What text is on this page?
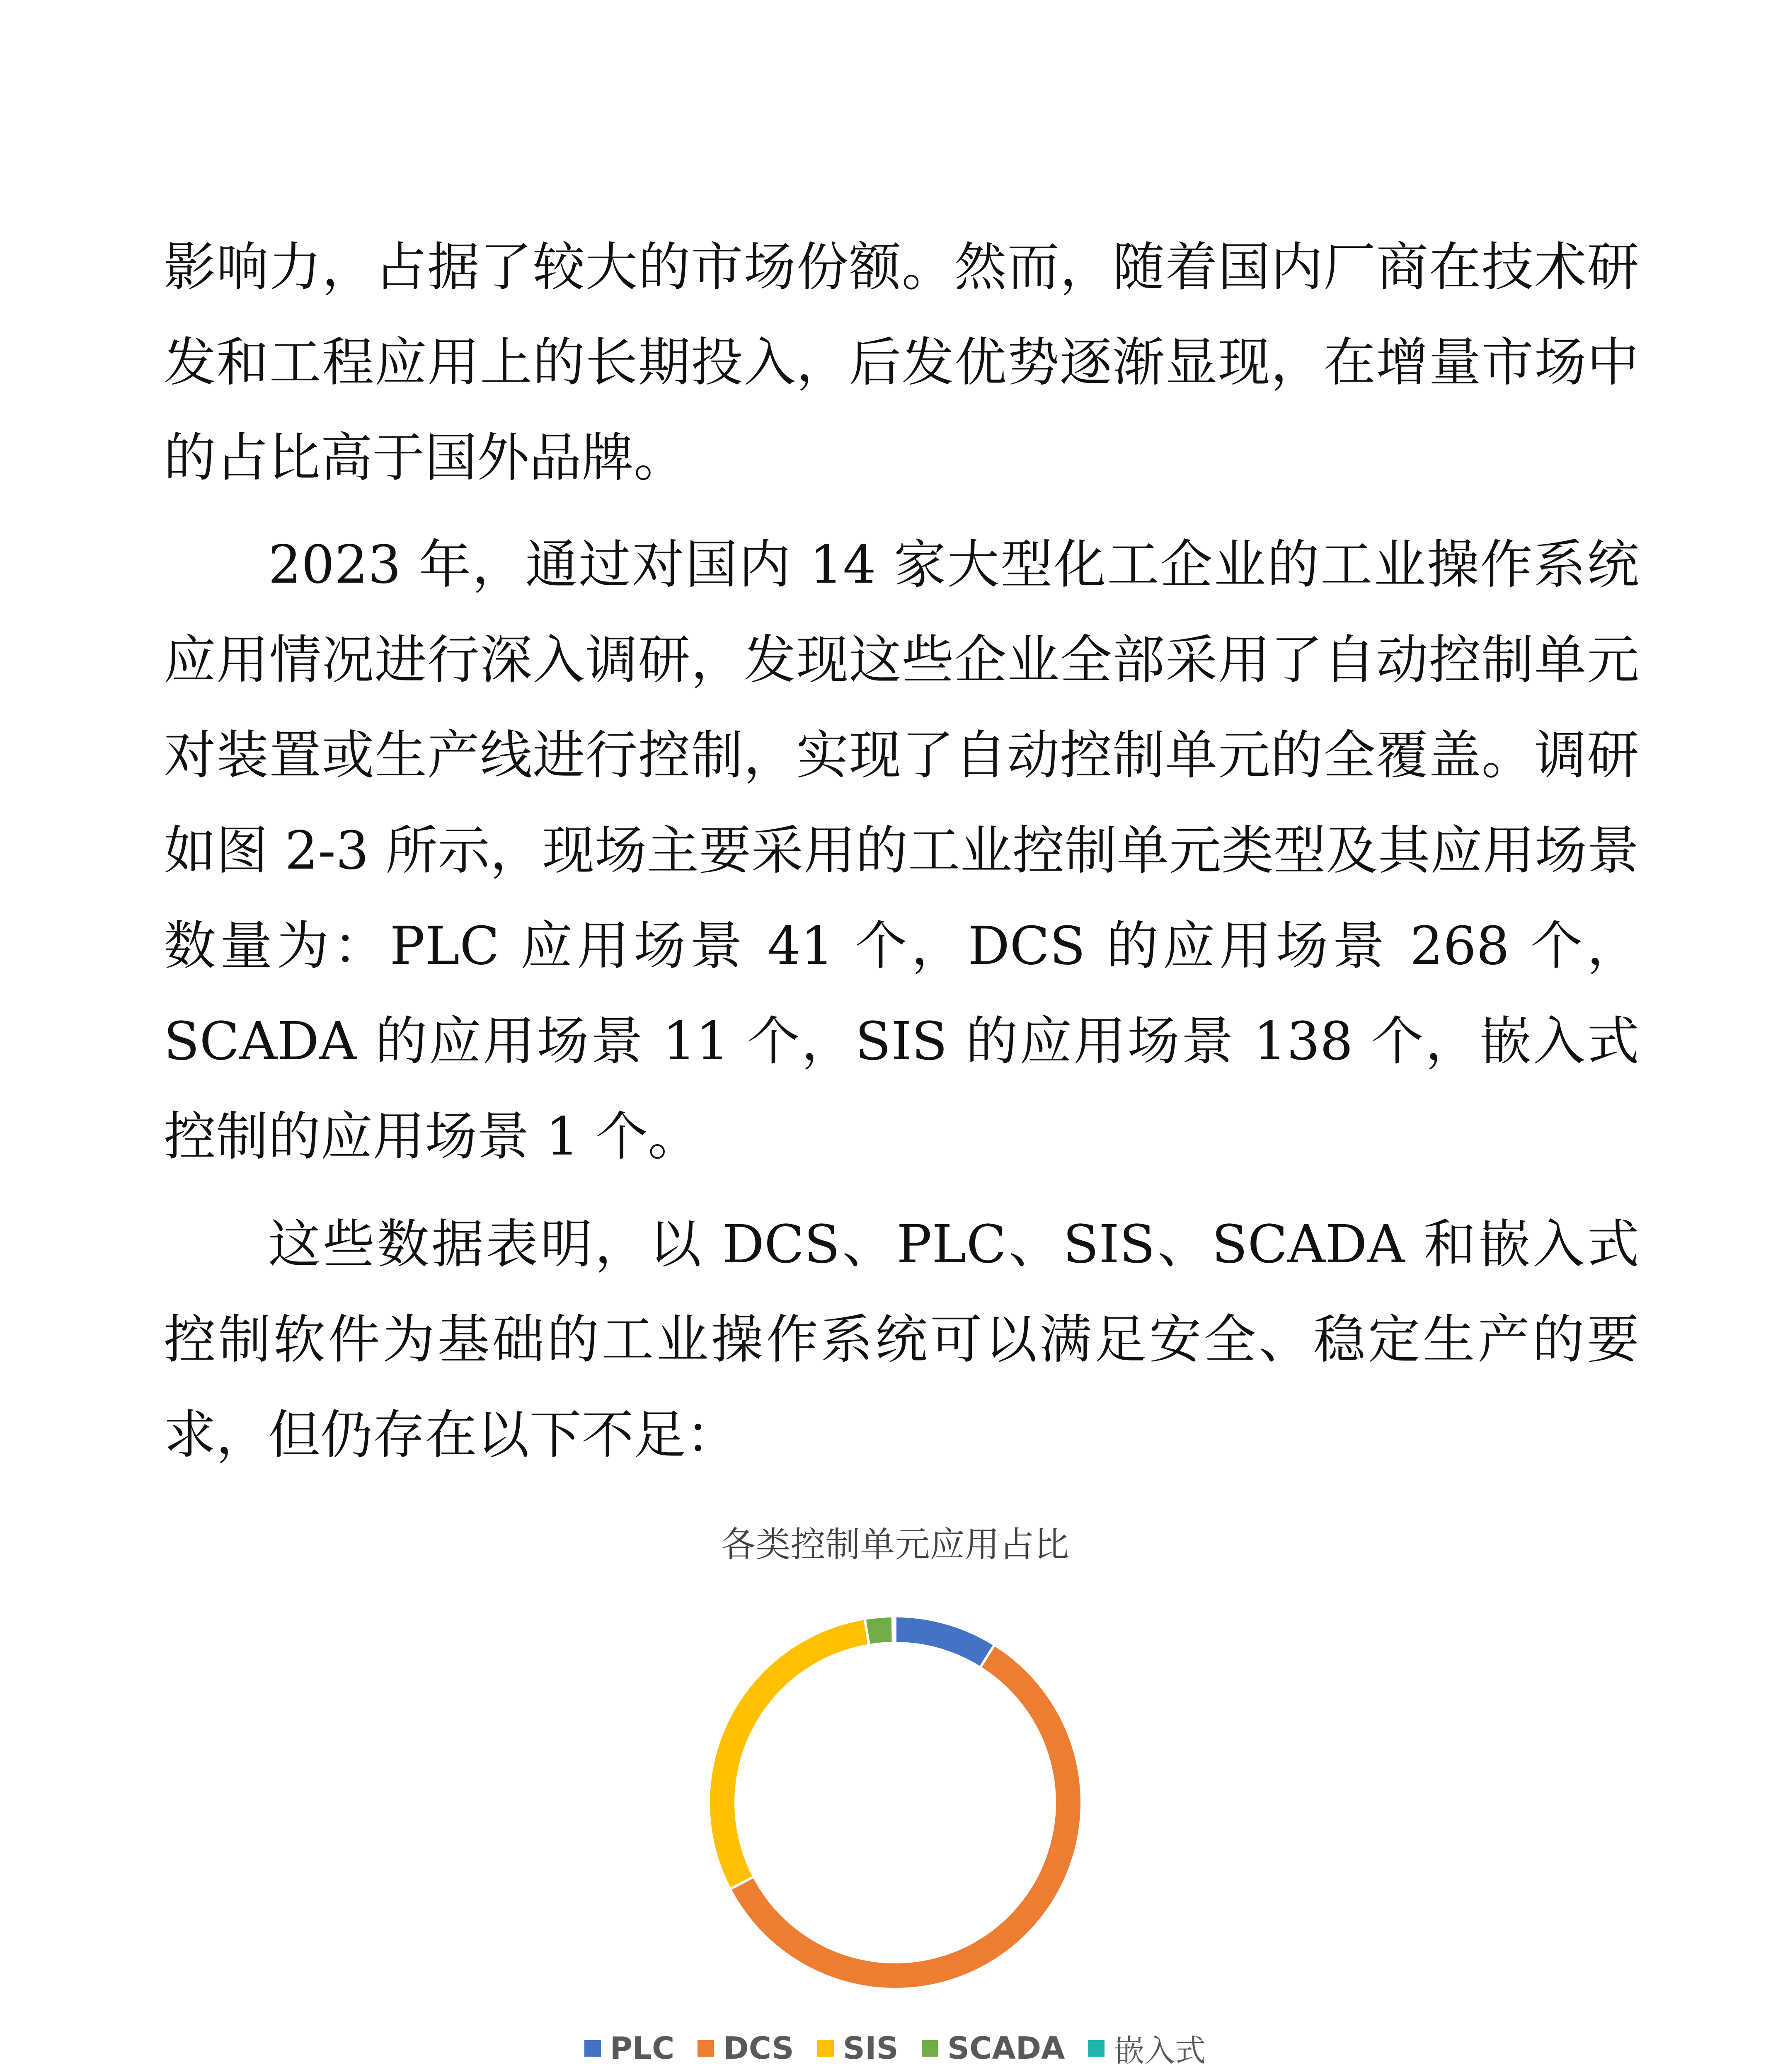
影响力，占据了较大的市场份额。然而，随着国内厂商在技术研发和工程应用上的长期投入，后发优势逐渐显现，在增量市场中的占比高于国外品牌。

2023 年，通过对国内 14 家大型化工企业的工业操作系统应用情况进行深入调研，发现这些企业全部采用了自动控制单元对装置或生产线进行控制，实现了自动控制单元的全覆盖。调研如图 2-3 所示，现场主要采用的工业控制单元类型及其应用场景数量为：PLC 应用场景 41 个，DCS 的应用场景 268 个，SCADA 的应用场景 11 个，SIS 的应用场景 138 个，嵌入式控制的应用场景 1 个。

这些数据表明，以 DCS、PLC、SIS、SCADA 和嵌入式控制软件为基础的工业操作系统可以满足安全、稳定生产的要求，但仍存在以下不足：

各类控制单元应用占比
PLC DCS SIS SCADA 嵌入式
